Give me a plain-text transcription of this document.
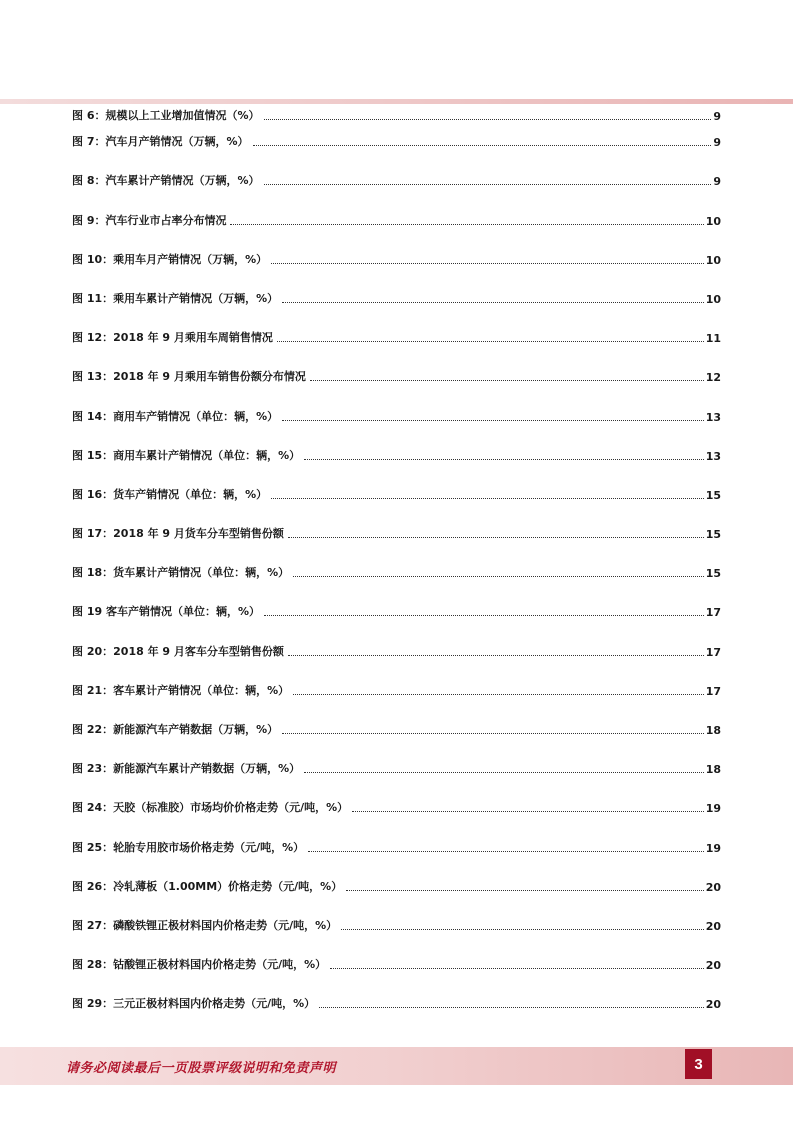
图 6：规模以上工业增加值情况（%）	9
图 7：汽车月产销情况（万辆，%）	9
图 8：汽车累计产销情况（万辆，%）	9
图 9：汽车行业市占率分布情况	10
图 10：乘用车月产销情况（万辆，%）	10
图 11：乘用车累计产销情况（万辆，%）	10
图 12：2018 年 9 月乘用车周销售情况	11
图 13：2018 年 9 月乘用车销售份额分布情况	12
图 14：商用车产销情况（单位：辆，%）	13
图 15：商用车累计产销情况（单位：辆，%）	13
图 16：货车产销情况（单位：辆，%）	15
图 17：2018 年 9 月货车分车型销售份额	15
图 18：货车累计产销情况（单位：辆，%）	15
图 19 客车产销情况（单位：辆，%）	17
图 20：2018 年 9 月客车分车型销售份额	17
图 21：客车累计产销情况（单位：辆，%）	17
图 22：新能源汽车产销数据（万辆，%）	18
图 23：新能源汽车累计产销数据（万辆，%）	18
图 24：天胶（标准胶）市场均价价格走势（元/吨，%）	19
图 25：轮胎专用胶市场价格走势（元/吨，%）	19
图 26：冷轧薄板（1.00MM）价格走势（元/吨，%）	20
图 27：磷酸铁锂正极材料国内价格走势（元/吨，%）	20
图 28：钴酸锂正极材料国内价格走势（元/吨，%）	20
图 29：三元正极材料国内价格走势（元/吨，%）	20
请务必阅读最后一页股票评级说明和免责声明	3
